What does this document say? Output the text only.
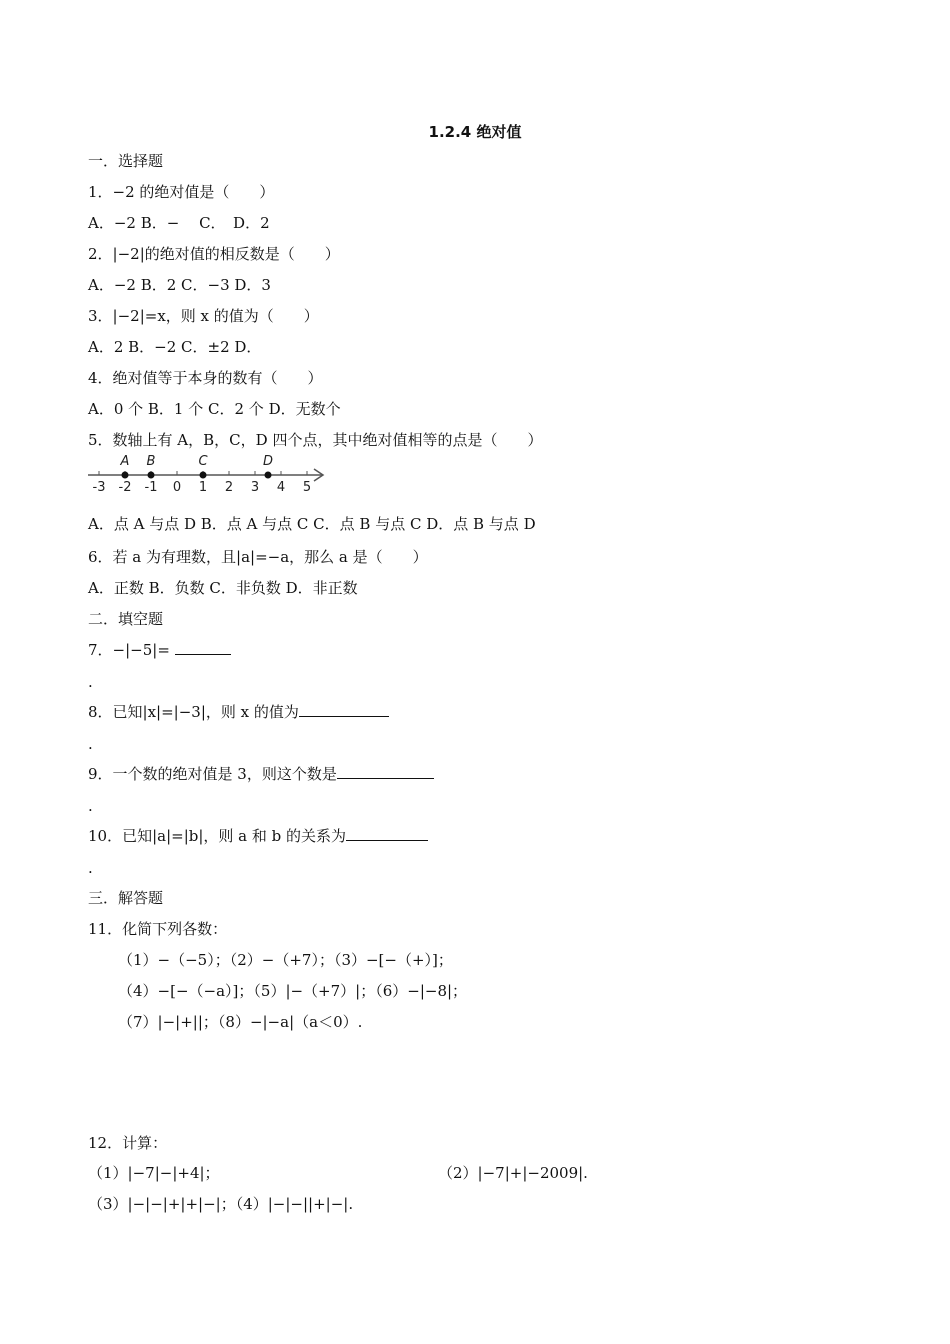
1.2.4 绝对值
一．选择题
1．−2 的绝对值是（　　）
A．−2 B．−　 C．　D．2
2．|−2|的绝对值的相反数是（　　）
A．−2 B．2 C．−3 D．3
3．|−2|=x，则 x 的值为（　　）
A．2 B．−2 C．±2 D．
4．绝对值等于本身的数有（　　）
A．0 个 B．1 个 C．2 个 D．无数个
5．数轴上有 A，B，C，D 四个点，其中绝对值相等的点是（　　）
-3 -2 -1 0 1 2 3 4 5
A B	C	D
A．点 A 与点 D B．点 A 与点 C C．点 B 与点 C D．点 B 与点 D
6．若 a 为有理数，且|a|=−a，那么 a 是（　　）
A．正数 B．负数 C．非负数 D．非正数
二．填空题
7．−|−5|=
.
8．已知|x|=|−3|，则 x 的值为
.
9．一个数的绝对值是 3，则这个数是
.
10．已知|a|=|b|，则 a 和 b 的关系为
.
三．解答题
11．化简下列各数：
（1）−（−5）；（2）−（+7）；（3）−[−（+）]；
（4）−[−（−a）]；（5）|−（+7）|；（6）−|−8|；
（7）|−|+||；（8）−|−a|（a＜0）.
12．计算：
（1）|−7|−|+4|；	（2）|−7|+|−2009|.
（3）|−|−|+|+|−|；（4）|−|−||+|−|.
